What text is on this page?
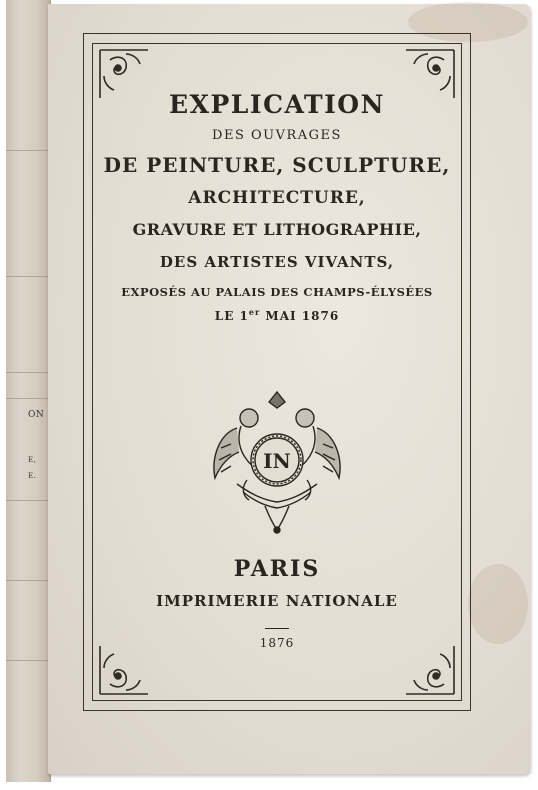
ON
E,
E.
EXPLICATION
DES OUVRAGES
DE PEINTURE, SCULPTURE,
ARCHITECTURE,
GRAVURE ET LITHOGRAPHIE,
DES ARTISTES VIVANTS,
EXPOSÉS AU PALAIS DES CHAMPS-ÉLYSÉES
LE 1er MAI 1876
IN
PARIS
IMPRIMERIE NATIONALE
1876
